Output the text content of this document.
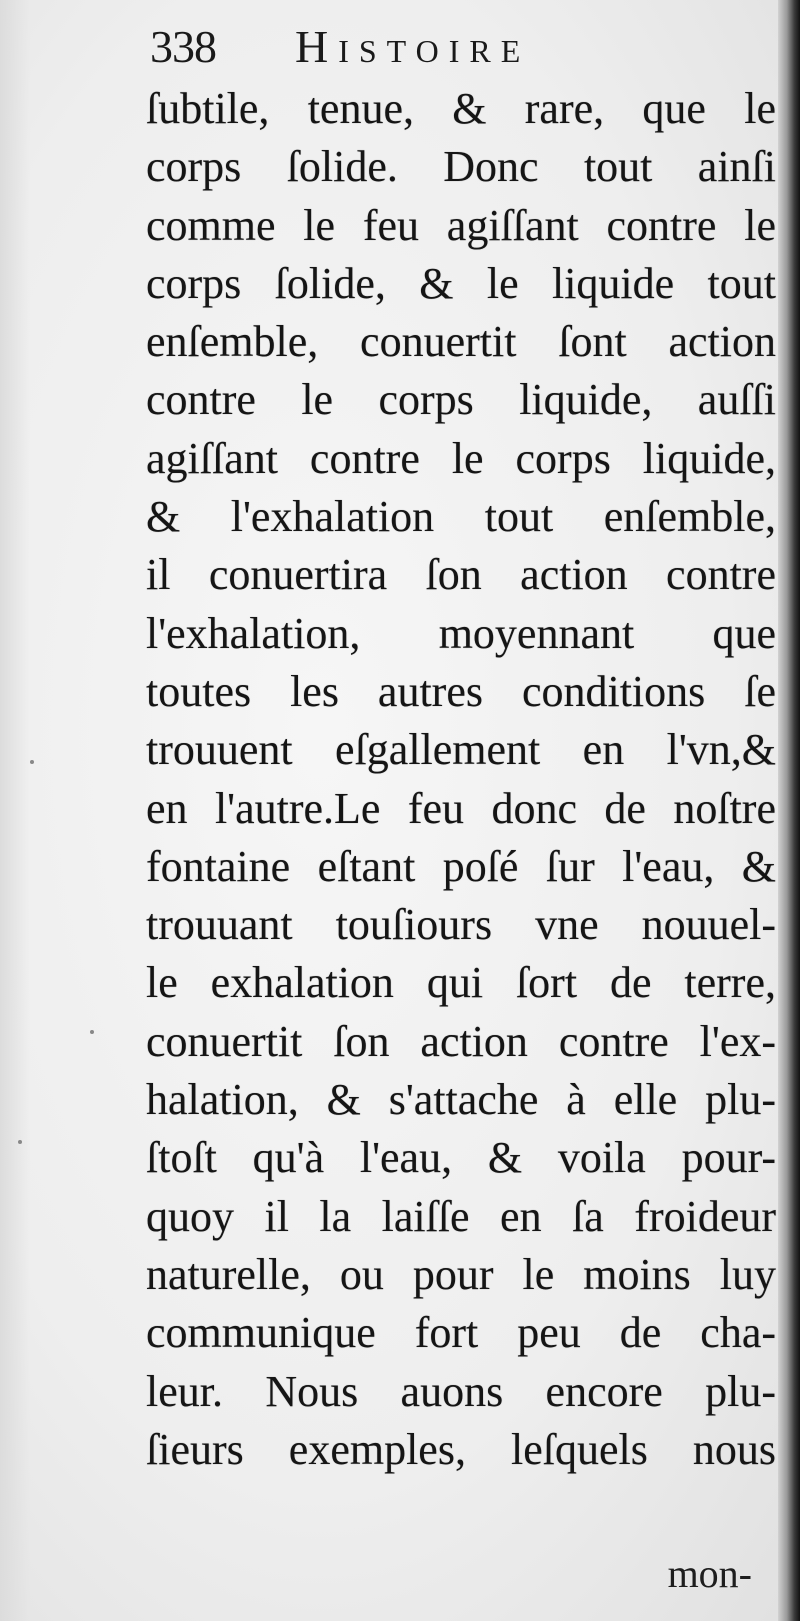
338 Histoire
ſubtile, tenue, & rare, que le
corps ſolide. Donc tout ainſi
comme le feu agiſſant contre le
corps ſolide, & le liquide tout
enſemble, conuertit ſont action
contre le corps liquide, auſſi
agiſſant contre le corps liquide,
& l'exhalation tout enſemble,
il conuertira ſon action contre
l'exhalation, moyennant que
toutes les autres conditions ſe
trouuent eſgallement en l'vn,&
en l'autre.Le feu donc de noſtre
fontaine eſtant poſé ſur l'eau, &
trouuant touſiours vne nouuel-
le exhalation qui ſort de terre,
conuertit ſon action contre l'ex-
halation, & s'attache à elle plu-
ſtoſt qu'à l'eau, & voila pour-
quoy il la laiſſe en ſa froideur
naturelle, ou pour le moins luy
communique fort peu de cha-
leur. Nous auons encore plu-
ſieurs exemples, leſquels nous
mon-
